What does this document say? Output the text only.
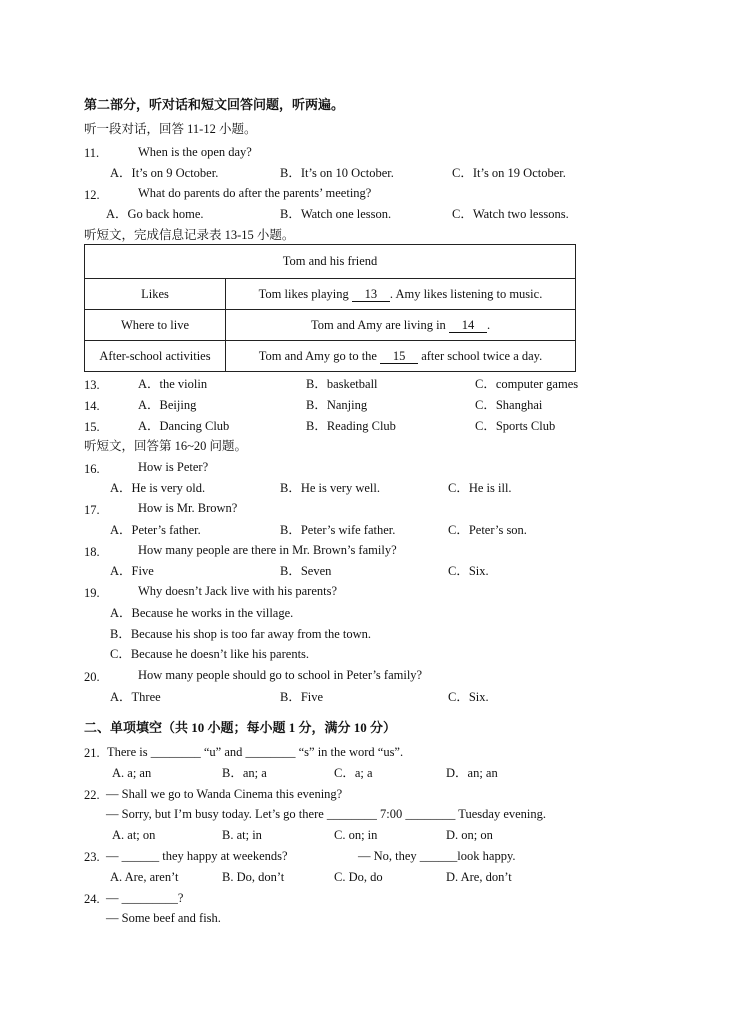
第二部分，听对话和短文回答问题，听两遍。
听一段对话，回答 11-12 小题。
11.	When is the open day?
A．It’s on 9 October.	B．It’s on 10 October.	C．It’s on 19 October.
12.	What do parents do after the parents’ meeting?
A．Go back home.	B．Watch one lesson.	C．Watch two lessons.
听短文，完成信息记录表 13-15 小题。
Tom and his friend	
Likes	Tom likes playing 13 . Amy likes listening to music.
Where to live	Tom and Amy are living in 14 .
After-school activities	Tom and Amy go to the 15 after school twice a day.
13.	A．the violin	B．basketball	C．computer games
14.	A．Beijing	B．Nanjing	C．Shanghai
15.	A．Dancing Club	B．Reading Club	C．Sports Club
听短文，回答第 16~20 问题。
16.	How is Peter?
A．He is very old.	B．He is very well.	C．He is ill.
17.	How is Mr. Brown?
A．Peter’s father.	B．Peter’s wife father.	C．Peter’s son.
18.	How many people are there in Mr. Brown’s family?
A．Five	B．Seven	C．Six.
19.	Why doesn’t Jack live with his parents?
A．Because he works in the village.
B．Because his shop is too far away from the town.
C．Because he doesn’t like his parents.
20.	How many people should go to school in Peter’s family?
A．Three	B．Five	C．Six.
二、单项填空（共 10 小题；每小题 1 分，满分 10 分）
21. There is ________ “u” and ________ “s” in the word “us”.
A. a; an	B．an; a	C．a; a	D．an; an
22. — Shall we go to Wanda Cinema this evening?
— Sorry, but I’m busy today. Let’s go there ________ 7:00 ________ Tuesday evening.
A. at; on	B. at; in	C. on; in	D. on; on
23. — ______ they happy at weekends?	— No, they ______look happy.
A. Are, aren’t	B. Do, don’t	C. Do, do	D. Are, don’t
24. — _________?
— Some beef and fish.
